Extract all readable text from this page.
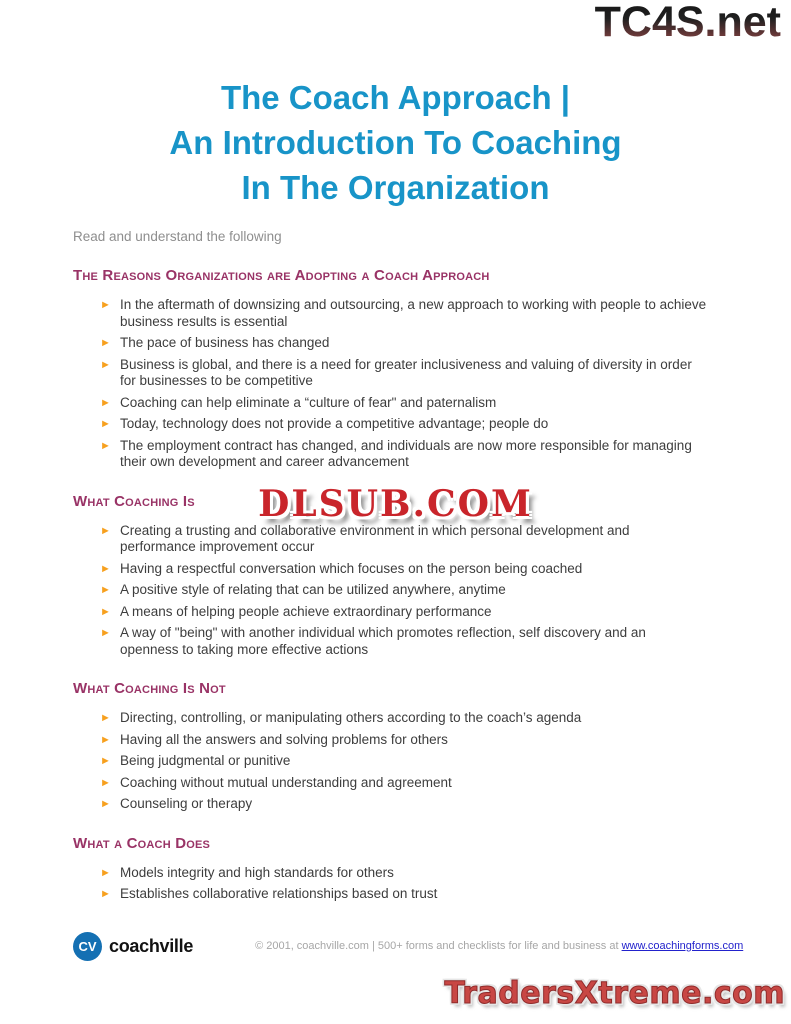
TC4S.net
The Coach Approach |
An Introduction To Coaching
In The Organization

Read and understand the following

The Reasons Organizations are Adopting a Coach Approach
► In the aftermath of downsizing and outsourcing, a new approach to working with people to achieve business results is essential
► The pace of business has changed
► Business is global, and there is a need for greater inclusiveness and valuing of diversity in order for businesses to be competitive
► Coaching can help eliminate a “culture of fear" and paternalism
► Today, technology does not provide a competitive advantage; people do
► The employment contract has changed, and individuals are now more responsible for managing their own development and career advancement
What Coaching Is
► Creating a trusting and collaborative environment in which personal development and performance improvement occur
► Having a respectful conversation which focuses on the person being coached
► A positive style of relating that can be utilized anywhere, anytime
► A means of helping people achieve extraordinary performance
► A way of "being" with another individual which promotes reflection, self discovery and an openness to taking more effective actions
What Coaching Is Not
► Directing, controlling, or manipulating others according to the coach’s agenda
► Having all the answers and solving problems for others
► Being judgmental or punitive
► Coaching without mutual understanding and agreement
► Counseling or therapy
What a Coach Does
► Models integrity and high standards for others
► Establishes collaborative relationships based on trust
DLSUB.COM
CV coachville	© 2001, coachville.com | 500+ forms and checklists for life and business at www.coachingforms.com

TradersXtreme.com
